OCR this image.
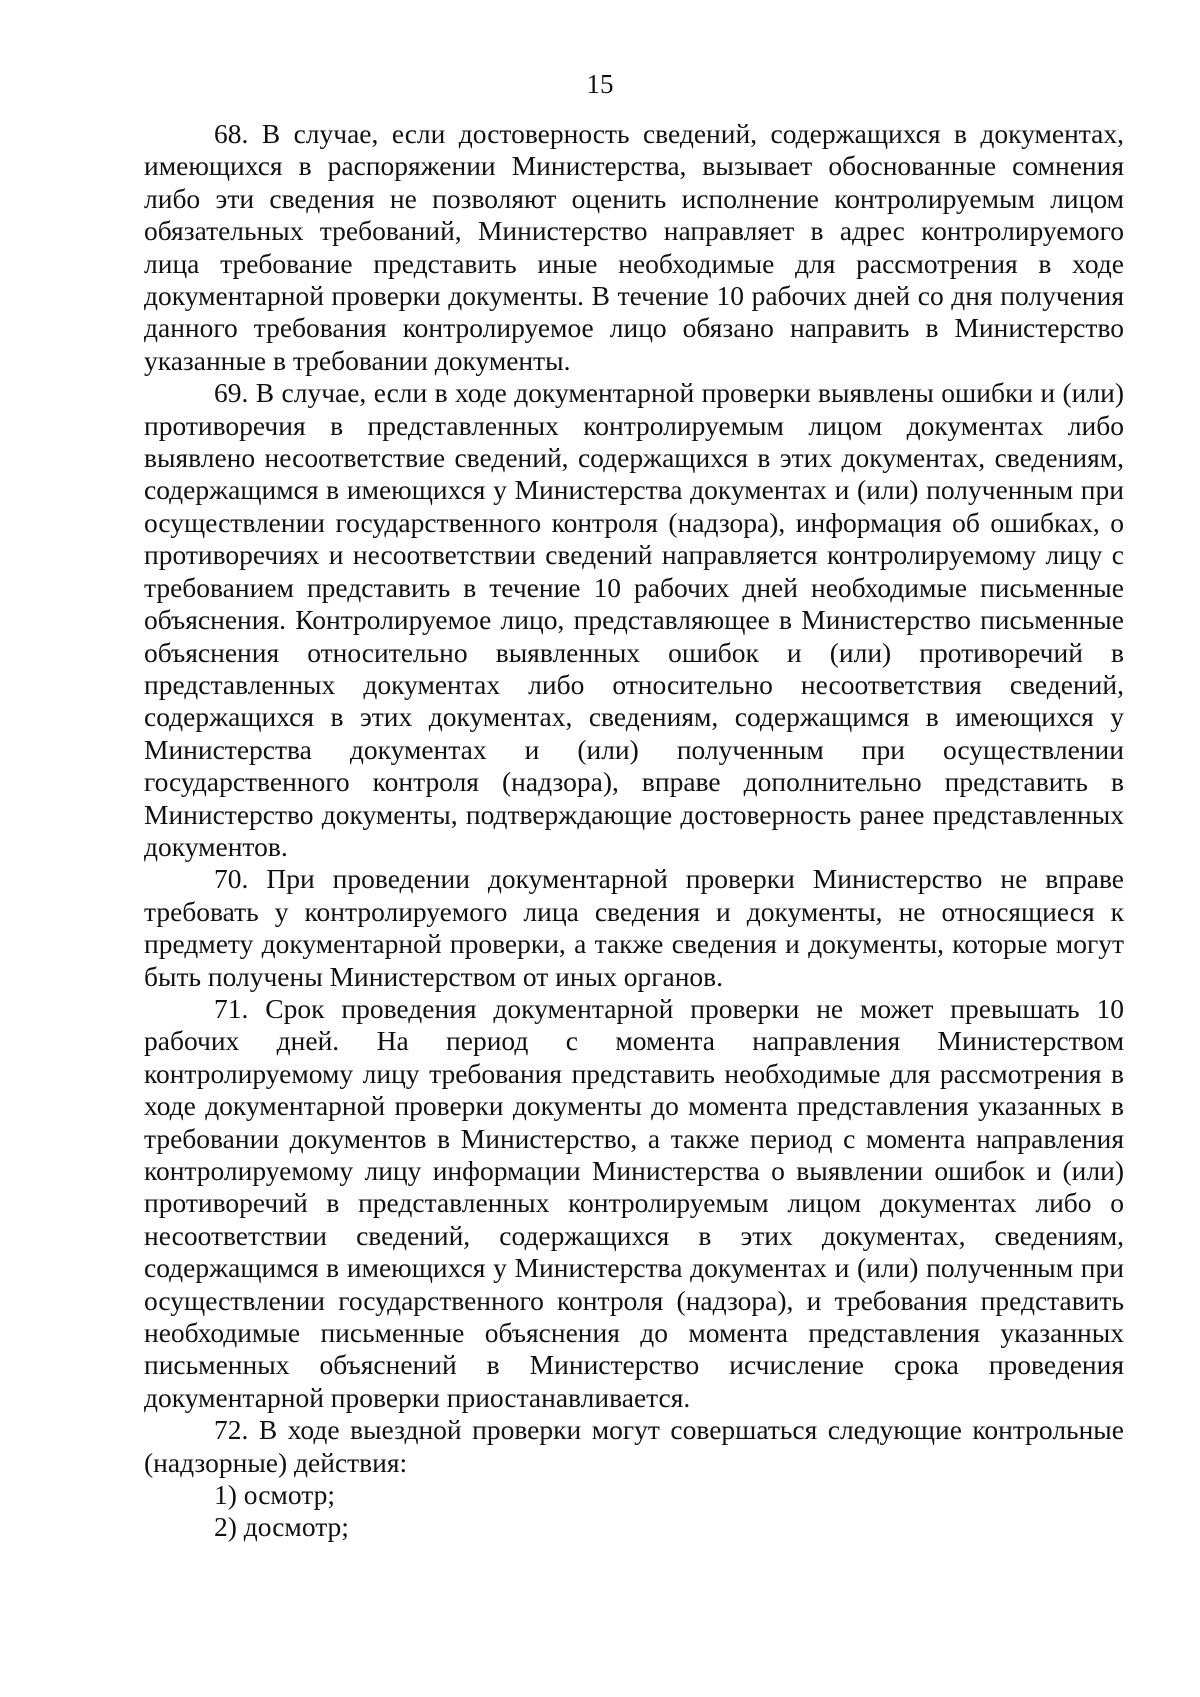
15

68. В случае, если достоверность сведений, содержащихся в документах, имеющихся в распоряжении Министерства, вызывает обоснованные сомнения либо эти сведения не позволяют оценить исполнение контролируемым лицом обязательных требований, Министерство направляет в адрес контролируемого лица требование представить иные необходимые для рассмотрения в ходе документарной проверки документы. В течение 10 рабочих дней со дня получения данного требования контролируемое лицо обязано направить в Министерство указанные в требовании документы.

69. В случае, если в ходе документарной проверки выявлены ошибки и (или) противоречия в представленных контролируемым лицом документах либо выявлено несоответствие сведений, содержащихся в этих документах, сведениям, содержащимся в имеющихся у Министерства документах и (или) полученным при осуществлении государственного контроля (надзора), информация об ошибках, о противоречиях и несоответствии сведений направляется контролируемому лицу с требованием представить в течение 10 рабочих дней необходимые письменные объяснения. Контролируемое лицо, представляющее в Министерство письменные объяснения относительно выявленных ошибок и (или) противоречий в представленных документах либо относительно несоответствия сведений, содержащихся в этих документах, сведениям, содержащимся в имеющихся у Министерства документах и (или) полученным при осуществлении государственного контроля (надзора), вправе дополнительно представить в Министерство документы, подтверждающие достоверность ранее представленных документов.

70. При проведении документарной проверки Министерство не вправе требовать у контролируемого лица сведения и документы, не относящиеся к предмету документарной проверки, а также сведения и документы, которые могут быть получены Министерством от иных органов.

71. Срок проведения документарной проверки не может превышать 10 рабочих дней. На период с момента направления Министерством контролируемому лицу требования представить необходимые для рассмотрения в ходе документарной проверки документы до момента представления указанных в требовании документов в Министерство, а также период с момента направления контролируемому лицу информации Министерства о выявлении ошибок и (или) противоречий в представленных контролируемым лицом документах либо о несоответствии сведений, содержащихся в этих документах, сведениям, содержащимся в имеющихся у Министерства документах и (или) полученным при осуществлении государственного контроля (надзора), и требования представить необходимые письменные объяснения до момента представления указанных письменных объяснений в Министерство исчисление срока проведения документарной проверки приостанавливается.

72. В ходе выездной проверки могут совершаться следующие контрольные (надзорные) действия:

1) осмотр;

2) досмотр;
